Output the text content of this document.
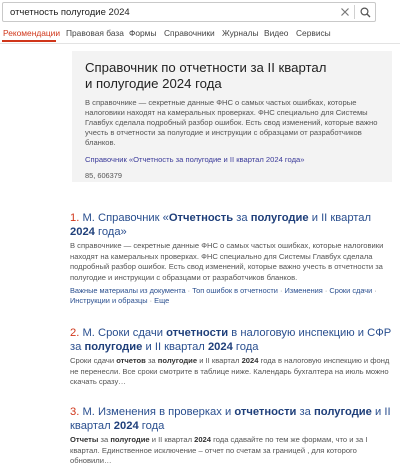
отчетность полугодие 2024
Рекомендации Правовая база Формы Справочники Журналы Видео Сервисы
Справочник по отчетности за II квартал
и полугодие 2024 года
В справочнике — секретные данные ФНС о самых частых ошибках, которые налоговики находят на камеральных проверках. ФНС специально для Системы Главбух сделала подробный разбор ошибок. Есть свод изменений, которые важно учесть в отчетности за полугодие и инструкции с образцами от разработчиков бланков.
Справочник «Отчетность за полугодие и II квартал 2024 года»
85, 606379
1. М. Справочник «Отчетность за полугодие и II квартал 2024 года»
В справочнике — секретные данные ФНС о самых частых ошибках, которые налоговики находят на камеральных проверках. ФНС специально для Системы Главбух сделала подробный разбор ошибок. Есть свод изменений, которые важно учесть в отчетности за полугодие и инструкции с образцами от разработчиков бланков.
Важные материалы из документа · Топ ошибок в отчетности · Изменения · Сроки сдачи · Инструкции и образцы · Еще
2. М. Сроки сдачи отчетности в налоговую инспекцию и СФР за полугодие и II квартал 2024 года
Сроки сдачи отчетов за полугодие и II квартал 2024 года в налоговую инспекцию и фонд не перенесли. Все сроки смотрите в таблице ниже. Календарь бухгалтера на июль можно скачать сразу…
3. М. Изменения в проверках и отчетности за полугодие и II квартал 2024 года
Отчеты за полугодие и II квартал 2024 года сдавайте по тем же формам, что и за I квартал. Единственное исключение – отчет по счетам за границей , для которого обновили…
